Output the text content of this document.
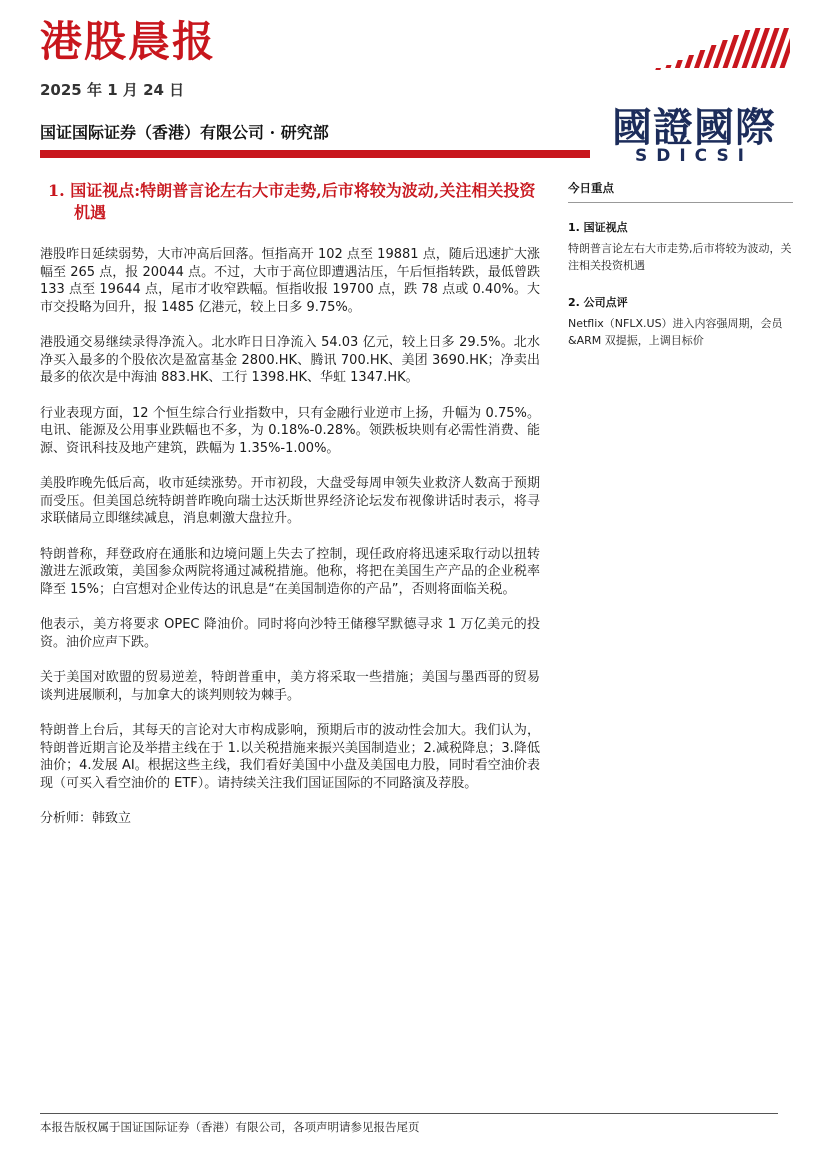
港股晨报
2025 年 1 月 24 日
国证国际证券（香港）有限公司 · 研究部	國證國際
SDICSI
1. 国证视点:特朗普言论左右大市走势,后市将较为波动,关注相关投资机遇

港股昨日延续弱势，大市冲高后回落。恒指高开 102 点至 19881 点，随后迅速扩大涨幅至 265 点，报 20044 点。不过，大市于高位即遭遇沽压，午后恒指转跌，最低曾跌 133 点至 19644 点，尾市才收窄跌幅。恒指收报 19700 点，跌 78 点或 0.40%。大市交投略为回升，报 1485 亿港元，较上日多 9.75%。

港股通交易继续录得净流入。北水昨日日净流入 54.03 亿元，较上日多 29.5%。北水净买入最多的个股依次是盈富基金 2800.HK、腾讯 700.HK、美团 3690.HK；净卖出最多的依次是中海油 883.HK、工行 1398.HK、华虹 1347.HK。

行业表现方面，12 个恒生综合行业指数中，只有金融行业逆市上扬，升幅为 0.75%。电讯、能源及公用事业跌幅也不多，为 0.18%-0.28%。领跌板块则有必需性消费、能源、资讯科技及地产建筑，跌幅为 1.35%-1.00%。

美股昨晚先低后高，收市延续涨势。开市初段，大盘受每周申领失业救济人数高于预期而受压。但美国总统特朗普昨晚向瑞士达沃斯世界经济论坛发布视像讲话时表示，将寻求联储局立即继续减息，消息刺激大盘拉升。

特朗普称，拜登政府在通胀和边境问题上失去了控制，现任政府将迅速采取行动以扭转激进左派政策，美国参众两院将通过减税措施。他称，将把在美国生产产品的企业税率降至 15%；白宫想对企业传达的讯息是“在美国制造你的产品”，否则将面临关税。

他表示，美方将要求 OPEC 降油价。同时将向沙特王储穆罕默德寻求 1 万亿美元的投资。油价应声下跌。

关于美国对欧盟的贸易逆差，特朗普重申，美方将采取一些措施；美国与墨西哥的贸易谈判进展顺利，与加拿大的谈判则较为棘手。

特朗普上台后，其每天的言论对大市构成影响，预期后市的波动性会加大。我们认为，特朗普近期言论及举措主线在于 1.以关税措施来振兴美国制造业；2.减税降息；3.降低油价；4.发展 AI。根据这些主线，我们看好美国中小盘及美国电力股，同时看空油价表现（可买入看空油价的 ETF）。请持续关注我们国证国际的不同路演及荐股。

分析师：韩致立

今日重点
1. 国证视点
特朗普言论左右大市走势,后市将较为波动，关注相关投资机遇
2. 公司点评
Netflix（NFLX.US）进入内容强周期，会员&ARM 双提振，上调目标价
本报告版权属于国证国际证券（香港）有限公司，各项声明请参见报告尾页
